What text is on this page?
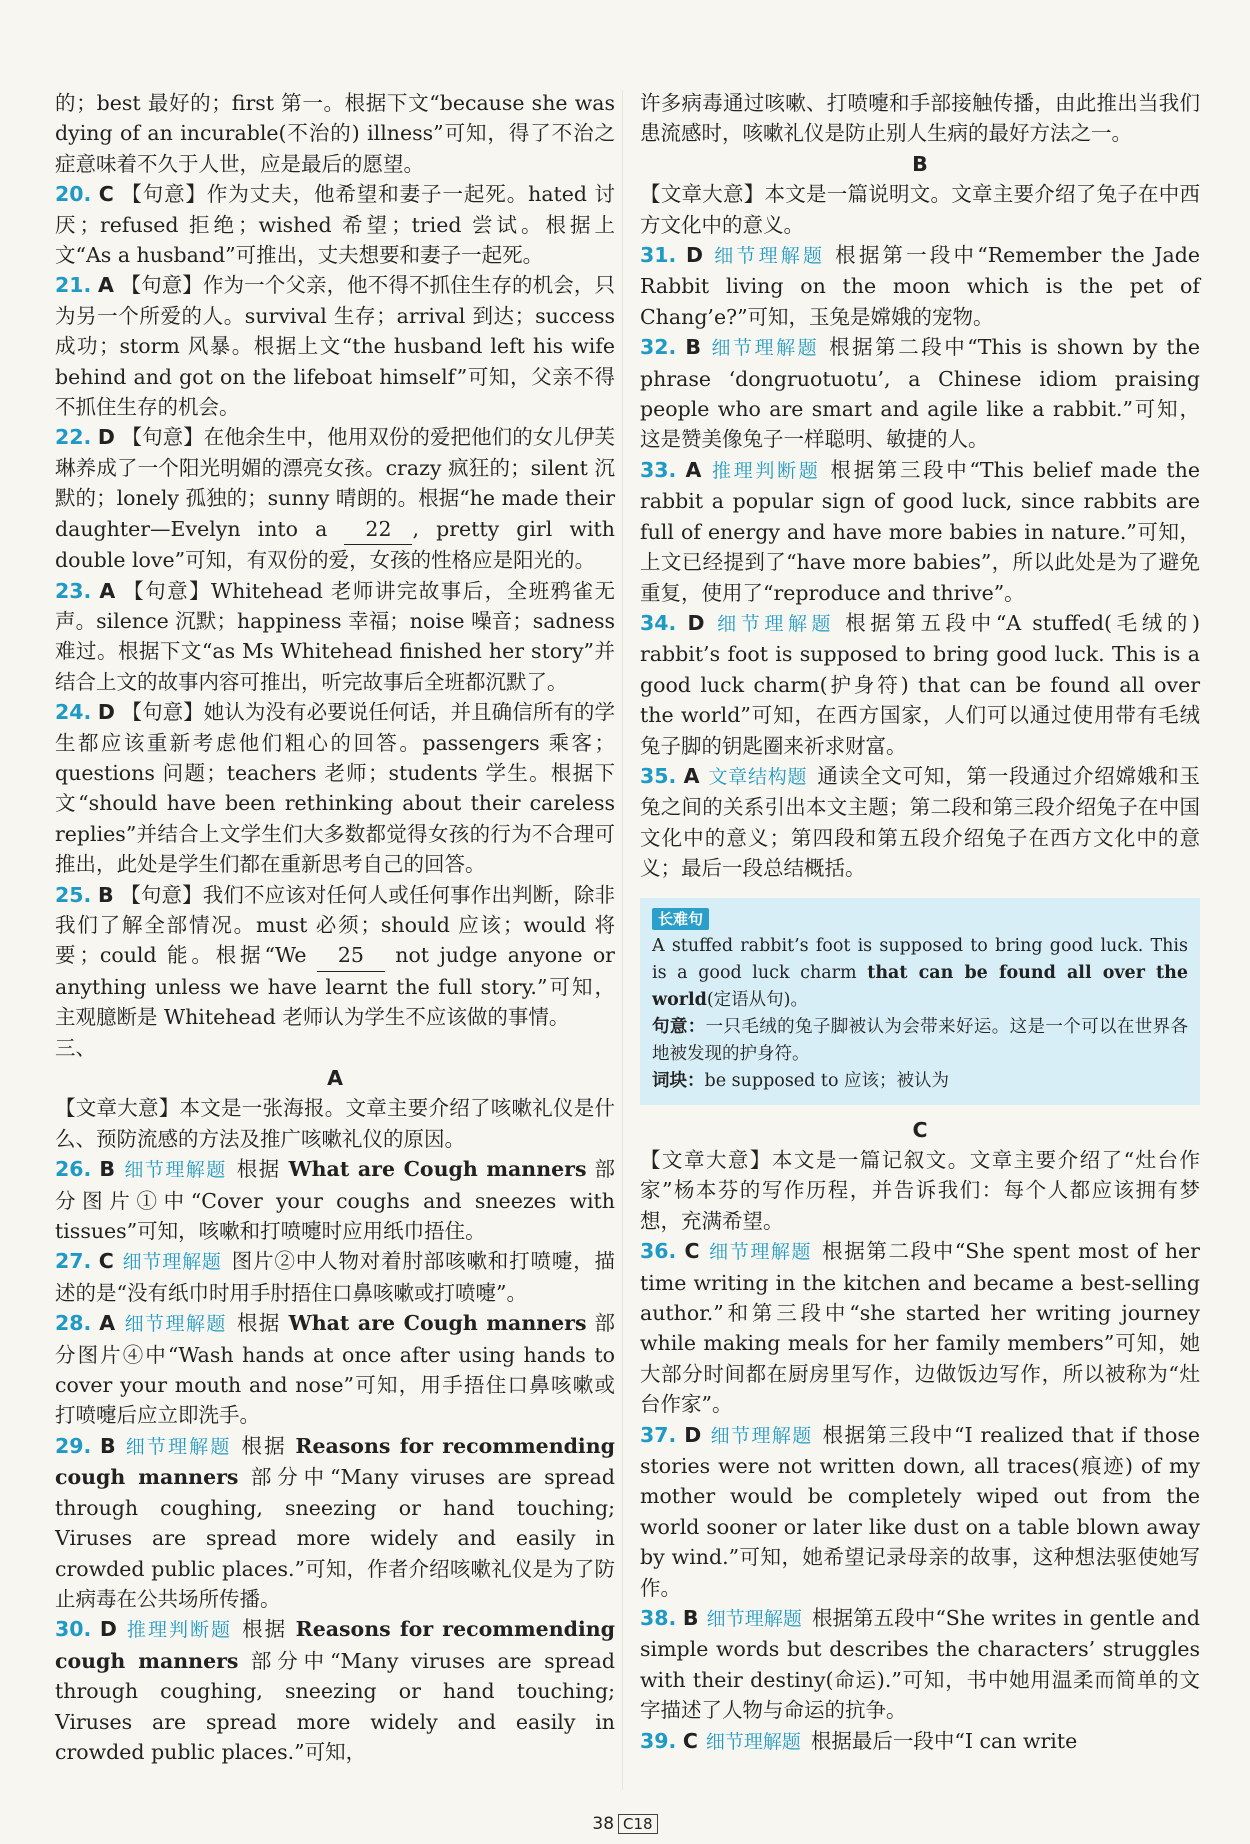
的；best 最好的；first 第一。根据下文“because she was dying of an incurable(不治的) illness”可知，得了不治之症意味着不久于人世，应是最后的愿望。

20. C 【句意】作为丈夫，他希望和妻子一起死。hated 讨厌；refused 拒绝；wished 希望；tried 尝试。根据上文“As a husband”可推出，丈夫想要和妻子一起死。

21. A 【句意】作为一个父亲，他不得不抓住生存的机会，只为另一个所爱的人。survival 生存；arrival 到达；success 成功；storm 风暴。根据上文“the husband left his wife behind and got on the lifeboat himself”可知，父亲不得不抓住生存的机会。

22. D 【句意】在他余生中，他用双份的爱把他们的女儿伊芙琳养成了一个阳光明媚的漂亮女孩。crazy 疯狂的；silent 沉默的；lonely 孤独的；sunny 晴朗的。根据“he made their daughter—Evelyn into a 22 , pretty girl with double love”可知，有双份的爱，女孩的性格应是阳光的。

23. A 【句意】Whitehead 老师讲完故事后，全班鸦雀无声。silence 沉默；happiness 幸福；noise 噪音；sadness 难过。根据下文“as Ms Whitehead finished her story”并结合上文的故事内容可推出，听完故事后全班都沉默了。

24. D 【句意】她认为没有必要说任何话，并且确信所有的学生都应该重新考虑他们粗心的回答。passengers 乘客；questions 问题；teachers 老师；students 学生。根据下文“should have been rethinking about their careless replies”并结合上文学生们大多数都觉得女孩的行为不合理可推出，此处是学生们都在重新思考自己的回答。

25. B 【句意】我们不应该对任何人或任何事作出判断，除非我们了解全部情况。must 必须；should 应该；would 将要；could 能。根据“We 25 not judge anyone or anything unless we have learnt the full story.”可知，主观臆断是 Whitehead 老师认为学生不应该做的事情。

三、

A

【文章大意】本文是一张海报。文章主要介绍了咳嗽礼仪是什么、预防流感的方法及推广咳嗽礼仪的原因。

26. B 细节理解题 根据 What are Cough manners 部分图片①中“Cover your coughs and sneezes with tissues”可知，咳嗽和打喷嚏时应用纸巾捂住。

27. C 细节理解题 图片②中人物对着肘部咳嗽和打喷嚏，描述的是“没有纸巾时用手肘捂住口鼻咳嗽或打喷嚏”。

28. A 细节理解题 根据 What are Cough manners 部分图片④中“Wash hands at once after using hands to cover your mouth and nose”可知，用手捂住口鼻咳嗽或打喷嚏后应立即洗手。

29. B 细节理解题 根据 Reasons for recommending cough manners 部分中“Many viruses are spread through coughing, sneezing or hand touching; Viruses are spread more widely and easily in crowded public places.”可知，作者介绍咳嗽礼仪是为了防止病毒在公共场所传播。

30. D 推理判断题 根据 Reasons for recommending cough manners 部分中“Many viruses are spread through coughing, sneezing or hand touching; Viruses are spread more widely and easily in crowded public places.”可知，

许多病毒通过咳嗽、打喷嚏和手部接触传播，由此推出当我们患流感时，咳嗽礼仪是防止别人生病的最好方法之一。

B

【文章大意】本文是一篇说明文。文章主要介绍了兔子在中西方文化中的意义。

31. D 细节理解题 根据第一段中“Remember the Jade Rabbit living on the moon which is the pet of Chang’e?”可知，玉兔是嫦娥的宠物。

32. B 细节理解题 根据第二段中“This is shown by the phrase ‘dongruotuotu’, a Chinese idiom praising people who are smart and agile like a rabbit.”可知，这是赞美像兔子一样聪明、敏捷的人。

33. A 推理判断题 根据第三段中“This belief made the rabbit a popular sign of good luck, since rabbits are full of energy and have more babies in nature.”可知，上文已经提到了“have more babies”，所以此处是为了避免重复，使用了“reproduce and thrive”。

34. D 细节理解题 根据第五段中“A stuffed(毛绒的) rabbit’s foot is supposed to bring good luck. This is a good luck charm(护身符) that can be found all over the world”可知，在西方国家，人们可以通过使用带有毛绒兔子脚的钥匙圈来祈求财富。

35. A 文章结构题 通读全文可知，第一段通过介绍嫦娥和玉兔之间的关系引出本文主题；第二段和第三段介绍兔子在中国文化中的意义；第四段和第五段介绍兔子在西方文化中的意义；最后一段总结概括。

长难句

A stuffed rabbit’s foot is supposed to bring good luck. This is a good luck charm that can be found all over the world(定语从句)。

句意：一只毛绒的兔子脚被认为会带来好运。这是一个可以在世界各地被发现的护身符。

词块：be supposed to 应该；被认为

C

【文章大意】本文是一篇记叙文。文章主要介绍了“灶台作家”杨本芬的写作历程，并告诉我们：每个人都应该拥有梦想，充满希望。

36. C 细节理解题 根据第二段中“She spent most of her time writing in the kitchen and became a best-selling author.”和第三段中“she started her writing journey while making meals for her family members”可知，她大部分时间都在厨房里写作，边做饭边写作，所以被称为“灶台作家”。

37. D 细节理解题 根据第三段中“I realized that if those stories were not written down, all traces(痕迹) of my mother would be completely wiped out from the world sooner or later like dust on a table blown away by wind.”可知，她希望记录母亲的故事，这种想法驱使她写作。

38. B 细节理解题 根据第五段中“She writes in gentle and simple words but describes the characters’ struggles with their destiny(命运).”可知，书中她用温柔而简单的文字描述了人物与命运的抗争。

39. C 细节理解题 根据最后一段中“I can write

38 C18
